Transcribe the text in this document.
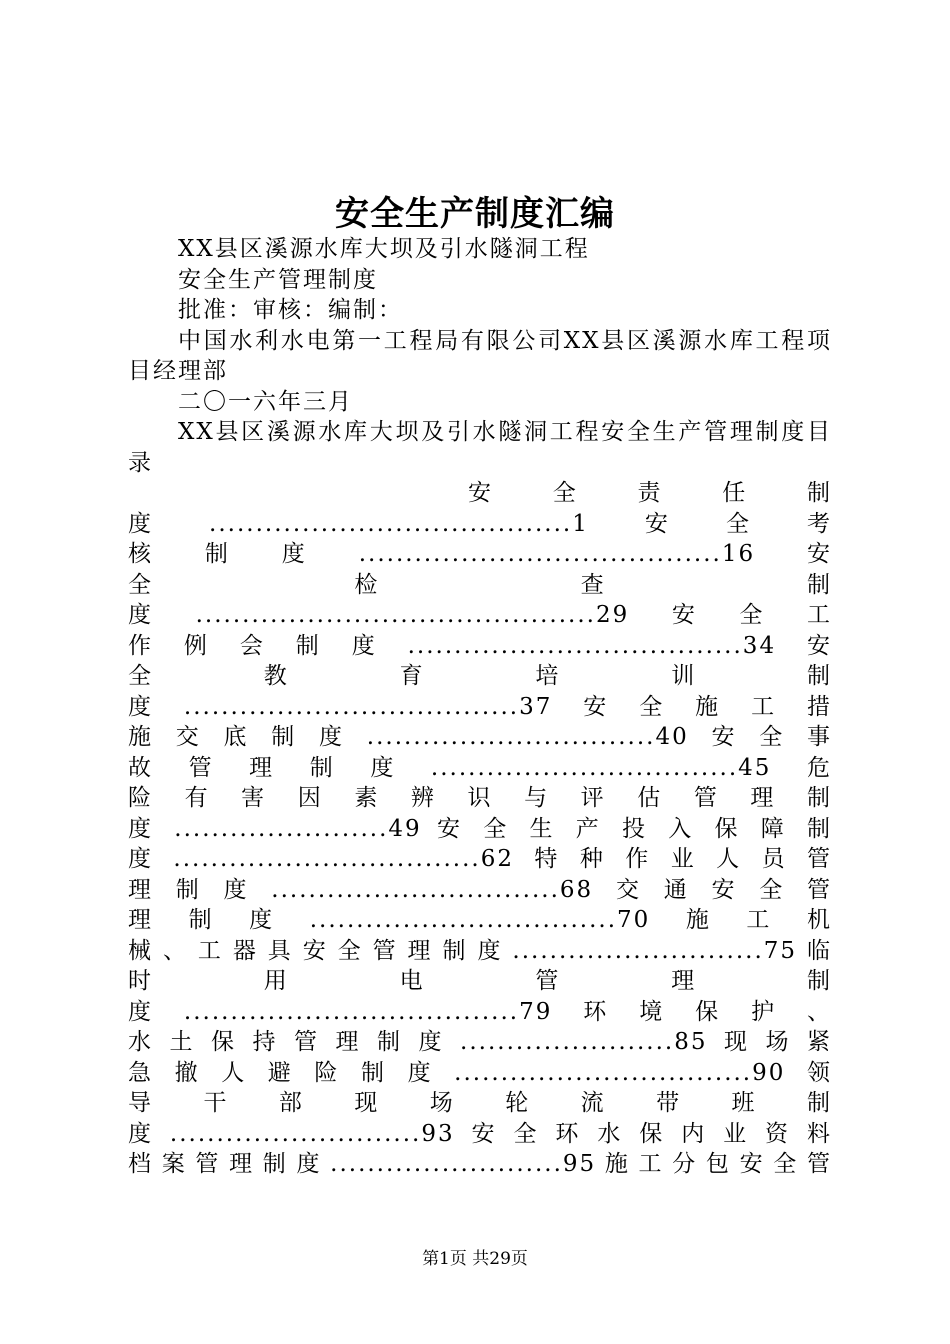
安全生产制度汇编

XX县区溪源水库大坝及引水隧洞工程

安全生产管理制度

批准：审核：编制：

中国水利水电第一工程局有限公司XX县区溪源水库工程项目经理部

二〇一六年三月

XX县区溪源水库大坝及引水隧洞工程安全生产管理制度目录

安 全 责 任 制
度.......................................1安全考
核制度.......................................16安
全 检 查 制
度...........................................29安全工
作例会制度....................................34安
全 教 育 培 训 制
度....................................37安全施工措
施交底制度...............................40安全事
故管理制度.................................45危
险 有 害 因 素 辨 识 与 评 估 管 理 制
度 .......................49 安 全 生 产 投 入 保 障 制
度.................................62特种作业人员管
理制度...............................68交通安全管
理制度.................................70施工机
械、工器具安全管理制度...........................75临
时 用 电 管 理 制
度....................................79环境保护、
水土保持管理制度.......................85现场紧
急撤人避险制度................................90领
导 干 部 现 场 轮 流 带 班 制
度...........................93安全环水保内业资料
档案管理制度.........................95施工分包安全管
第1页 共29页
